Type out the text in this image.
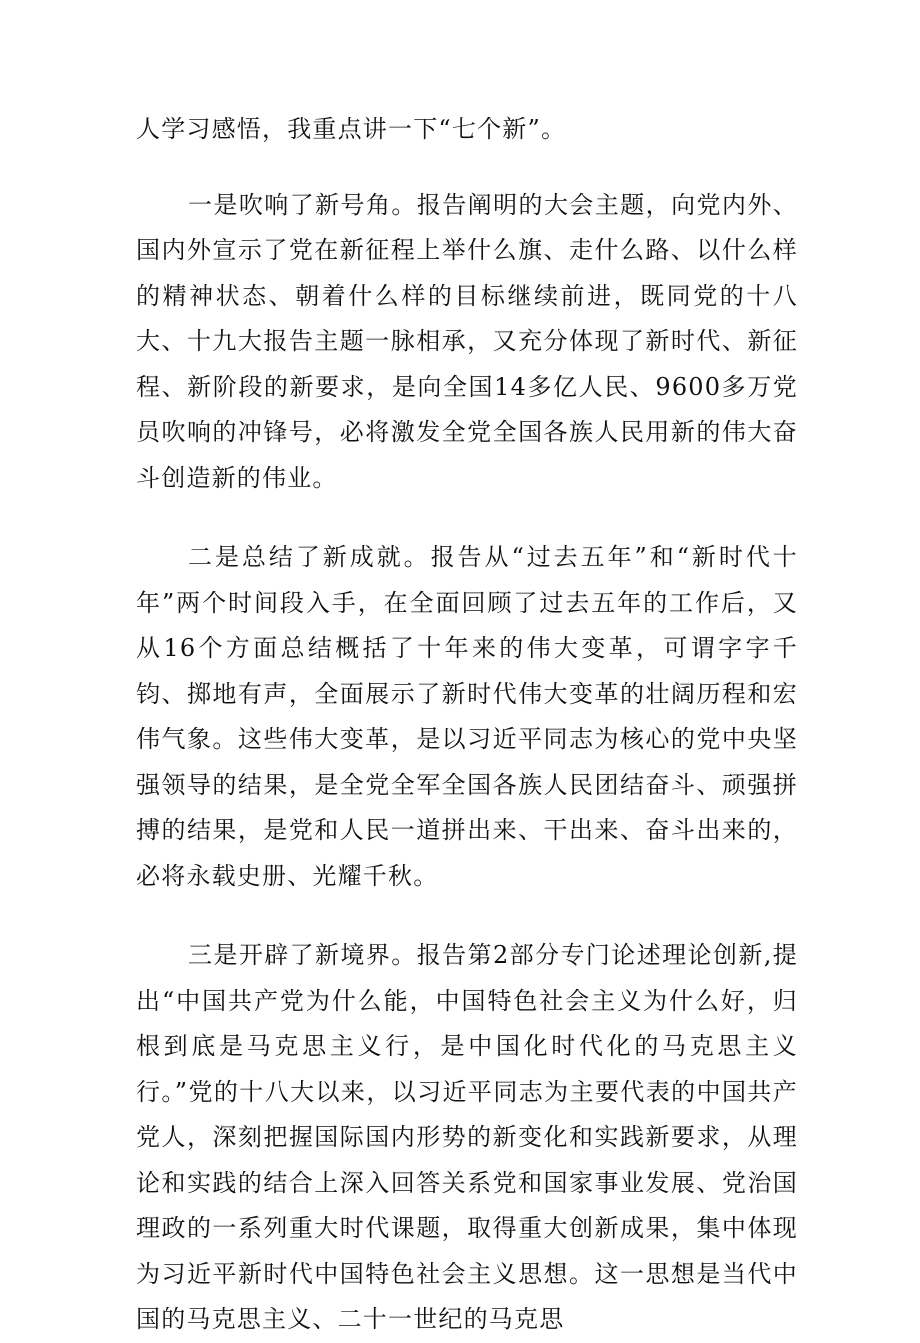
人学习感悟，我重点讲一下“七个新”。

一是吹响了新号角。报告阐明的大会主题，向党内外、国内外宣示了党在新征程上举什么旗、走什么路、以什么样的精神状态、朝着什么样的目标继续前进，既同党的十八大、十九大报告主题一脉相承，又充分体现了新时代、新征程、新阶段的新要求，是向全国14多亿人民、9600多万党员吹响的冲锋号，必将激发全党全国各族人民用新的伟大奋斗创造新的伟业。

二是总结了新成就。报告从“过去五年”和“新时代十年”两个时间段入手，在全面回顾了过去五年的工作后，又从16个方面总结概括了十年来的伟大变革，可谓字字千钧、掷地有声，全面展示了新时代伟大变革的壮阔历程和宏伟气象。这些伟大变革，是以习近平同志为核心的党中央坚强领导的结果，是全党全军全国各族人民团结奋斗、顽强拼搏的结果，是党和人民一道拼出来、干出来、奋斗出来的，必将永载史册、光耀千秋。

三是开辟了新境界。报告第2部分专门论述理论创新,提出“中国共产党为什么能，中国特色社会主义为什么好，归根到底是马克思主义行，是中国化时代化的马克思主义行。”党的十八大以来，以习近平同志为主要代表的中国共产党人，深刻把握国际国内形势的新变化和实践新要求，从理论和实践的结合上深入回答关系党和国家事业发展、党治国理政的一系列重大时代课题，取得重大创新成果，集中体现为习近平新时代中国特色社会主义思想。这一思想是当代中国的马克思主义、二十一世纪的马克思
